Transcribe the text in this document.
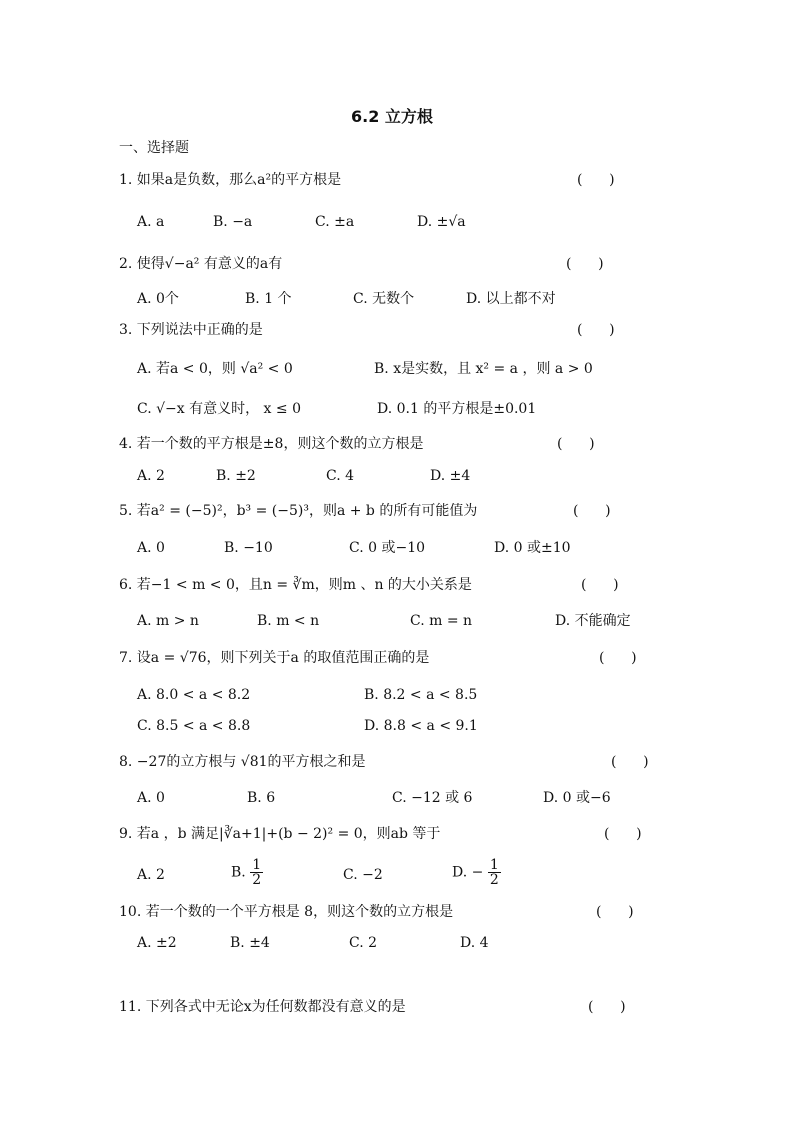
6.2 立方根
一、选择题
1. 如果a是负数，那么a²的平方根是	(      )
A. a	B. −a	C. ±a	D. ±√a
2. 使得√−a² 有意义的a有	(      )
A. 0个	B. 1 个	C. 无数个	D. 以上都不对
3. 下列说法中正确的是	(      )
A. 若a < 0，则 √a² < 0	B. x是实数，且 x² = a ，则 a > 0
C. √−x 有意义时， x ≤ 0	D. 0.1 的平方根是±0.01
4. 若一个数的平方根是±8，则这个数的立方根是	(      )
A. 2	B. ±2	C. 4	D. ±4
5. 若a² = (−5)²，b³ = (−5)³，则a + b 的所有可能值为	(      )
A. 0	B. −10	C. 0 或−10	D. 0 或±10
6. 若−1 < m < 0，且n = ∛m，则m 、n 的大小关系是	(      )
A. m > n	B. m < n	C. m = n	D. 不能确定
7. 设a = √76，则下列关于a 的取值范围正确的是	(      )
A. 8.0 < a < 8.2	B. 8.2 < a < 8.5
C. 8.5 < a < 8.8	D. 8.8 < a < 9.1
8. −27的立方根与 √81的平方根之和是	(      )
A. 0	B. 6	C. −12 或 6	D. 0 或−6
9. 若a ，b 满足|∛a+1|+(b − 2)² = 0，则ab 等于	(      )
A. 2	B. $\frac{1}{2}$	C. −2	D. − $\frac{1}{2}$
10. 若一个数的一个平方根是 8，则这个数的立方根是	(      )
A. ±2	B. ±4	C. 2	D. 4
11. 下列各式中无论x为任何数都没有意义的是	(      )
